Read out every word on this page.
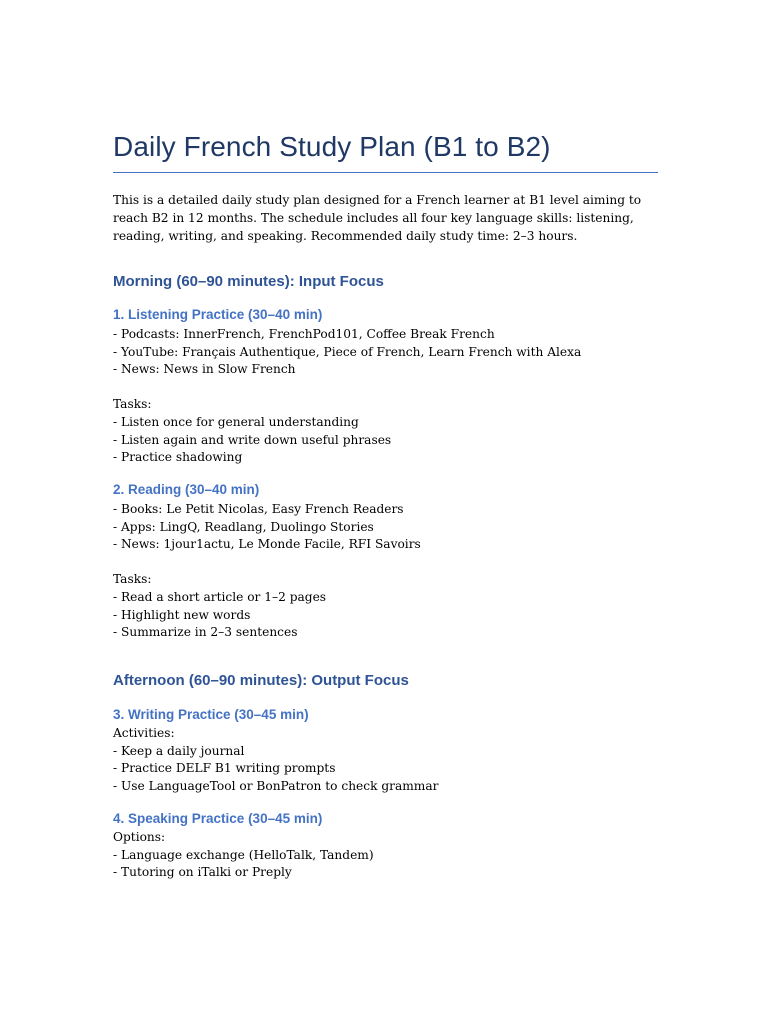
Daily French Study Plan (B1 to B2)

This is a detailed daily study plan designed for a French learner at B1 level aiming to reach B2 in 12 months. The schedule includes all four key language skills: listening, reading, writing, and speaking. Recommended daily study time: 2–3 hours.

Morning (60–90 minutes): Input Focus

1. Listening Practice (30–40 min)

- Podcasts: InnerFrench, FrenchPod101, Coffee Break French

- YouTube: Français Authentique, Piece of French, Learn French with Alexa

- News: News in Slow French

Tasks:

- Listen once for general understanding

- Listen again and write down useful phrases

- Practice shadowing

2. Reading (30–40 min)

- Books: Le Petit Nicolas, Easy French Readers

- Apps: LingQ, Readlang, Duolingo Stories

- News: 1jour1actu, Le Monde Facile, RFI Savoirs

Tasks:

- Read a short article or 1–2 pages

- Highlight new words

- Summarize in 2–3 sentences

Afternoon (60–90 minutes): Output Focus

3. Writing Practice (30–45 min)

Activities:

- Keep a daily journal

- Practice DELF B1 writing prompts

- Use LanguageTool or BonPatron to check grammar

4. Speaking Practice (30–45 min)

Options:

- Language exchange (HelloTalk, Tandem)

- Tutoring on iTalki or Preply
